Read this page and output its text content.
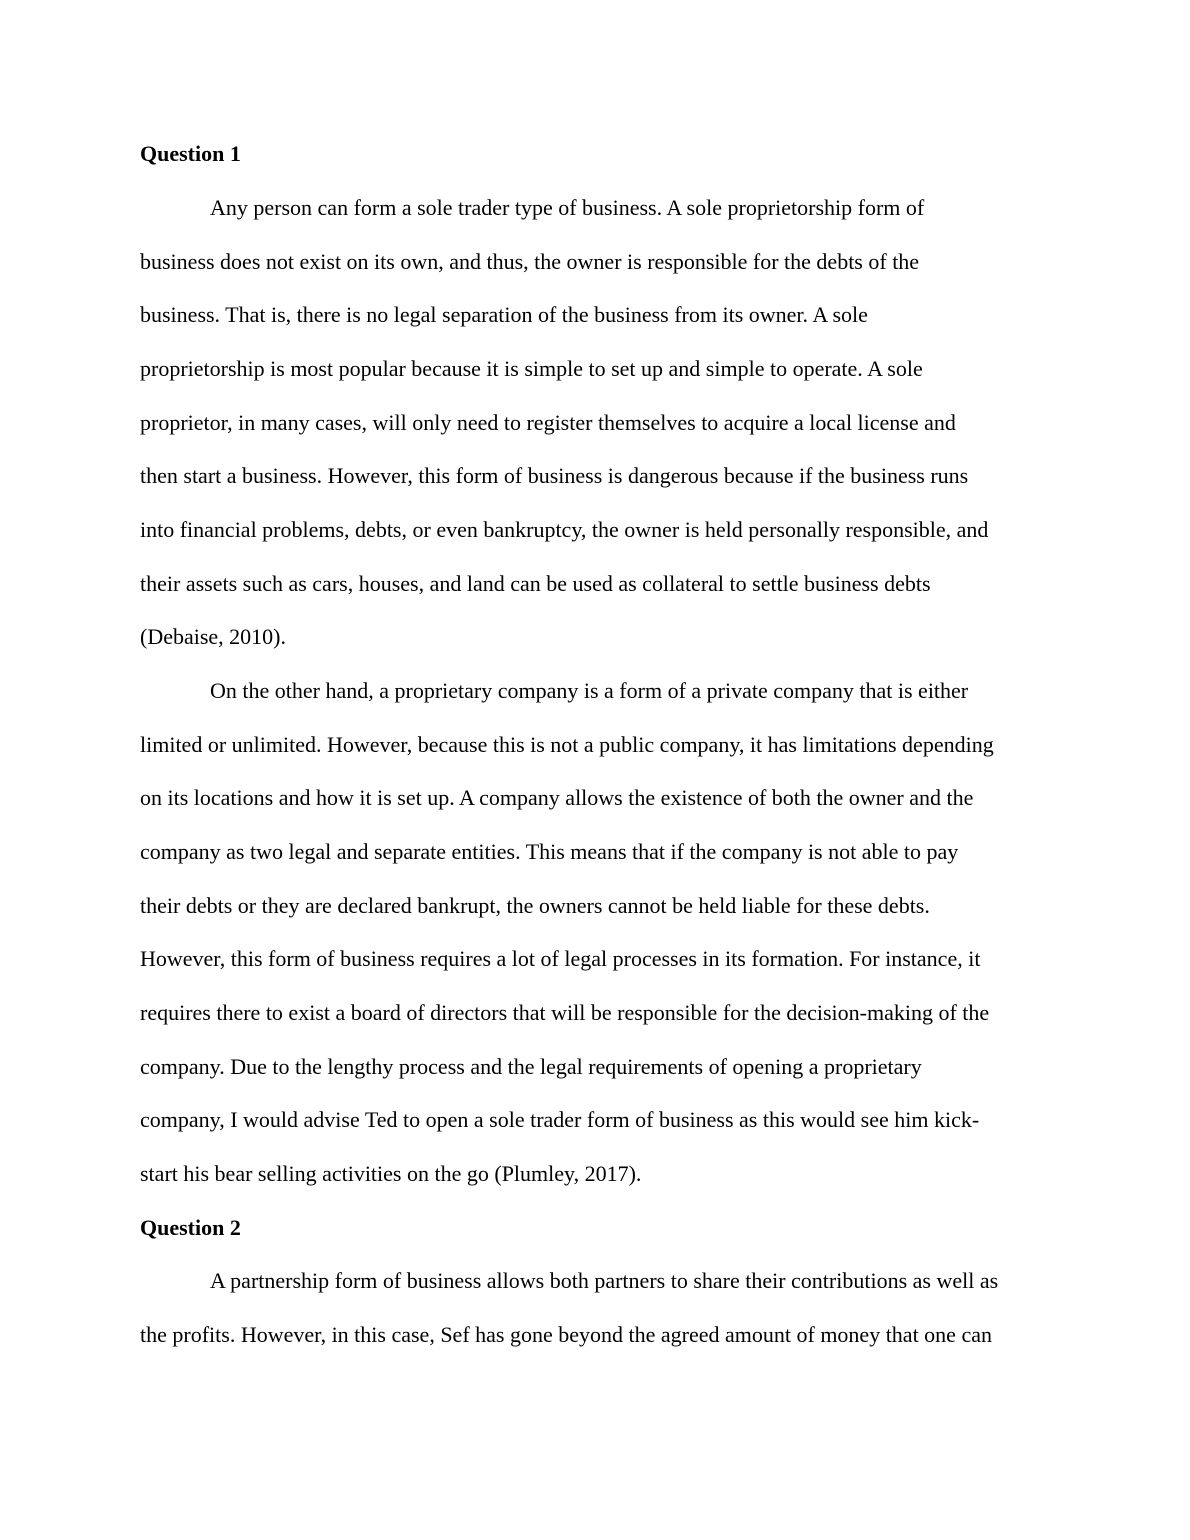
Question 1

Any person can form a sole trader type of business. A sole proprietorship form of

business does not exist on its own, and thus, the owner is responsible for the debts of the

business. That is, there is no legal separation of the business from its owner. A sole

proprietorship is most popular because it is simple to set up and simple to operate. A sole

proprietor, in many cases, will only need to register themselves to acquire a local license and

then start a business. However, this form of business is dangerous because if the business runs

into financial problems, debts, or even bankruptcy, the owner is held personally responsible, and

their assets such as cars, houses, and land can be used as collateral to settle business debts

(Debaise, 2010).

On the other hand, a proprietary company is a form of a private company that is either

limited or unlimited. However, because this is not a public company, it has limitations depending

on its locations and how it is set up. A company allows the existence of both the owner and the

company as two legal and separate entities. This means that if the company is not able to pay

their debts or they are declared bankrupt, the owners cannot be held liable for these debts.

However, this form of business requires a lot of legal processes in its formation. For instance, it

requires there to exist a board of directors that will be responsible for the decision-making of the

company. Due to the lengthy process and the legal requirements of opening a proprietary

company, I would advise Ted to open a sole trader form of business as this would see him kick-

start his bear selling activities on the go (Plumley, 2017).

Question 2

A partnership form of business allows both partners to share their contributions as well as

the profits. However, in this case, Sef has gone beyond the agreed amount of money that one can
